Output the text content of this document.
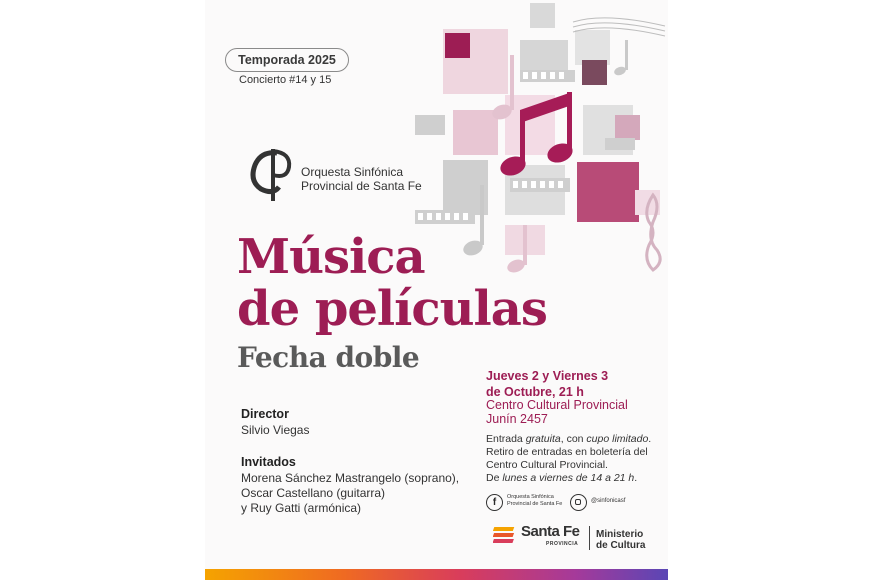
Temporada 2025
Concierto #14 y 15
Orquesta Sinfónica
Provincial de Santa Fe
Música
de películas
Fecha doble
Director
Silvio Viegas
Invitados
Morena Sánchez Mastrangelo (soprano),
Oscar Castellano (guitarra)
y Ruy Gatti (armónica)
Jueves 2 y Viernes 3
de Octubre, 21 h
Centro Cultural Provincial
Junín 2457
Entrada gratuita, con cupo limitado.
Retiro de entradas en boletería del
Centro Cultural Provincial.
De lunes a viernes de 14 a 21 h.
f	Orquesta Sinfónica
Provincial de Santa Fe	@sinfonicasf
Santa Fe
PROVINCIA
Ministerio
de Cultura
